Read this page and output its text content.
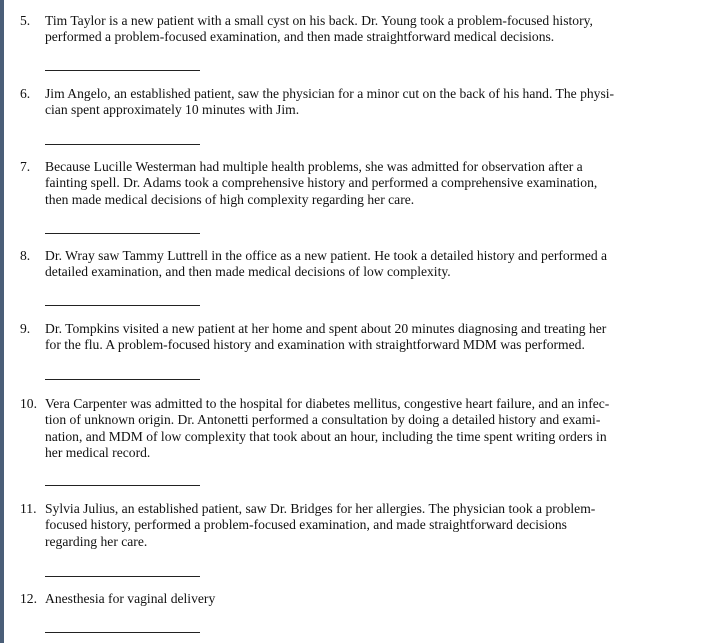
5. Tim Taylor is a new patient with a small cyst on his back. Dr. Young took a problem-focused history,
performed a problem-focused examination, and then made straightforward medical decisions.
6. Jim Angelo, an established patient, saw the physician for a minor cut on the back of his hand. The physi-
cian spent approximately 10 minutes with Jim.
7. Because Lucille Westerman had multiple health problems, she was admitted for observation after a
fainting spell. Dr. Adams took a comprehensive history and performed a comprehensive examination,
then made medical decisions of high complexity regarding her care.
8. Dr. Wray saw Tammy Luttrell in the office as a new patient. He took a detailed history and performed a
detailed examination, and then made medical decisions of low complexity.
9. Dr. Tompkins visited a new patient at her home and spent about 20 minutes diagnosing and treating her
for the flu. A problem-focused history and examination with straightforward MDM was performed.
10. Vera Carpenter was admitted to the hospital for diabetes mellitus, congestive heart failure, and an infec-
tion of unknown origin. Dr. Antonetti performed a consultation by doing a detailed history and exami-
nation, and MDM of low complexity that took about an hour, including the time spent writing orders in
her medical record.
11. Sylvia Julius, an established patient, saw Dr. Bridges for her allergies. The physician took a problem-
focused history, performed a problem-focused examination, and made straightforward decisions
regarding her care.
12. Anesthesia for vaginal delivery
